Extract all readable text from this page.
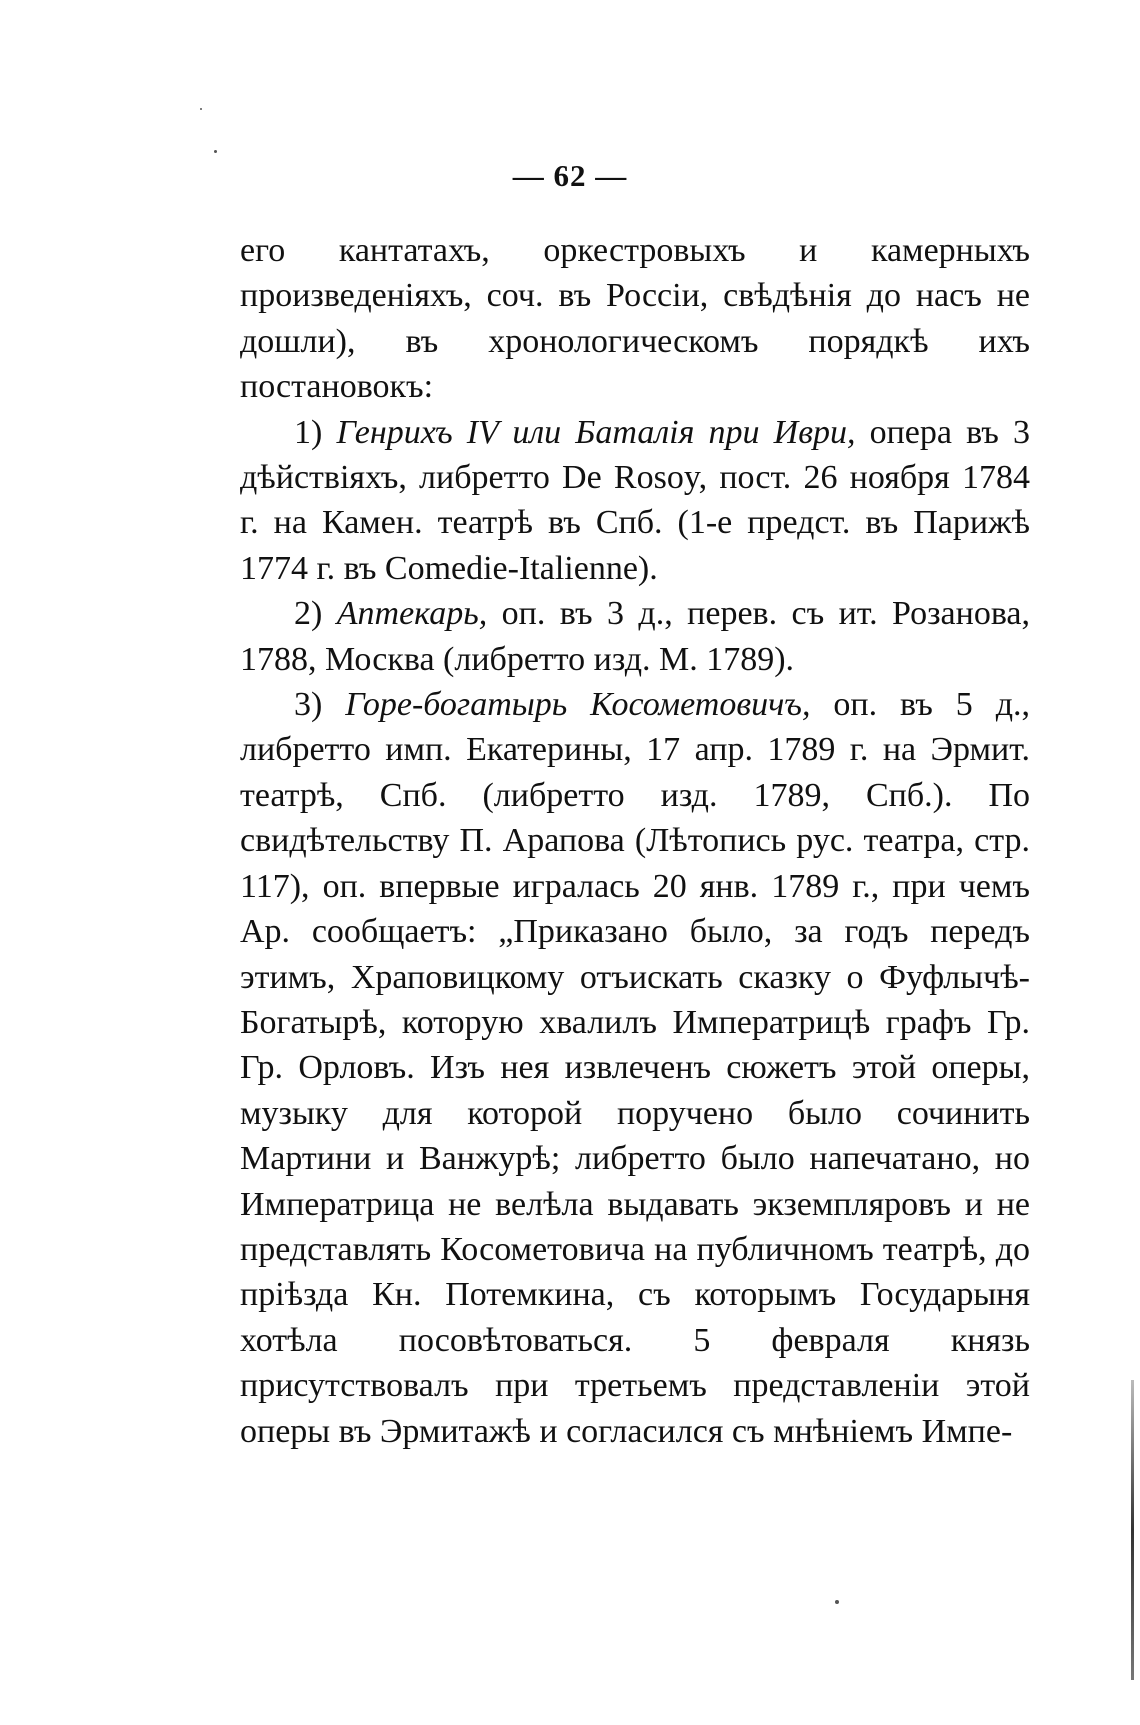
— 62 —

его кантатахъ, оркестровыхъ и камерныхъ произведеніяхъ, соч. въ Россіи, свѣдѣнія до насъ не дошли), въ хронологическомъ порядкѣ ихъ постановокъ:

1) Генрихъ IV или Баталія при Иври, опера въ 3 дѣйствіяхъ, либретто De Rosoy, пост. 26 ноября 1784 г. на Камен. театрѣ въ Спб. (1-е предст. въ Парижѣ 1774 г. въ Comedie-Italienne).

2) Аптекарь, оп. въ 3 д., перев. съ ит. Розанова, 1788, Москва (либретто изд. М. 1789).

3) Горе-богатырь Косометовичъ, оп. въ 5 д., либретто имп. Екатерины, 17 апр. 1789 г. на Эрмит. театрѣ, Спб. (либретто изд. 1789, Спб.). По свидѣтельству П. Арапова (Лѣтопись рус. театра, стр. 117), оп. впервые игралась 20 янв. 1789 г., при чемъ Ар. сообщаетъ: „Приказано было, за годъ передъ этимъ, Храповицкому отъискать сказку о Фуфлычѣ-Богатырѣ, которую хвалилъ Императрицѣ графъ Гр. Гр. Орловъ. Изъ нея извлеченъ сюжетъ этой оперы, музыку для которой поручено было сочинить Мартини и Ванжурѣ; либретто было напечатано, но Императрица не велѣла выдавать экземпляровъ и не представлять Косометовича на публичномъ театрѣ, до пріѣзда Кн. Потемкина, съ которымъ Государыня хотѣла посовѣтоваться. 5 февраля князь присутствовалъ при третьемъ представленіи этой оперы въ Эрмитажѣ и согласился съ мнѣніемъ Импе-
